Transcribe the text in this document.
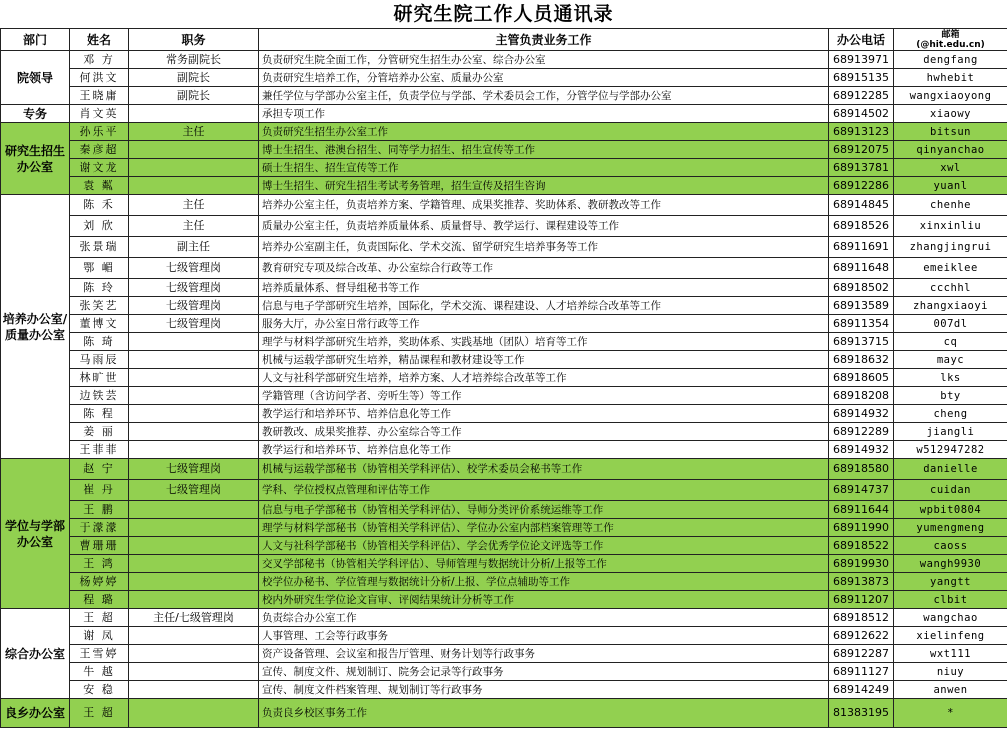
研究生院工作人员通讯录
部门	姓名	职务	主管负责业务工作	办公电话	邮箱
(@hit.edu.cn)

院领导	邓 方	常务副院长	负责研究生院全面工作，分管研究生招生办公室、综合办公室	68913971	dengfang
	何洪文	副院长	负责研究生培养工作，分管培养办公室、质量办公室	68915135	hwhebit
	王晓庸	副院长	兼任学位与学部办公室主任，负责学位与学部、学术委员会工作，分管学位与学部办公室	68912285	wangxiaoyong
专务	肖文英		承担专项工作	68914502	xiaowy
研究生招生办公室	孙乐平	主任	负责研究生招生办公室工作	68913123	bitsun
	秦彦超		博士生招生、港澳台招生、同等学力招生、招生宣传等工作	68912075	qinyanchao
	谢文龙		硕士生招生、招生宣传等工作	68913781	xwl
	袁 粼		博士生招生、研究生招生考试考务管理，招生宣传及招生咨询	68912286	yuanl
培养办公室/质量办公室	陈 禾	主任	培养办公室主任，负责培养方案、学籍管理、成果奖推荐、奖助体系、教研教改等工作	68914845	chenhe
	刘 欣	主任	质量办公室主任，负责培养质量体系、质量督导、教学运行、课程建设等工作	68918526	xinxinliu
	张景瑞	副主任	培养办公室副主任，负责国际化、学术交流、留学研究生培养事务等工作	68911691	zhangjingrui
	鄂 嵋	七级管理岗	教育研究专项及综合改革、办公室综合行政等工作	68911648	emeiklee
	陈 玲	七级管理岗	培养质量体系、督导组秘书等工作	68918502	ccchhl
	张笑艺	七级管理岗	信息与电子学部研究生培养，国际化，学术交流、课程建设、人才培养综合改革等工作	68913589	zhangxiaoyi
	董博文	七级管理岗	服务大厅，办公室日常行政等工作	68911354	007dl
	陈 琦		理学与材料学部研究生培养，奖助体系、实践基地（团队）培育等工作	68913715	cq
	马雨辰		机械与运载学部研究生培养，精品课程和教材建设等工作	68918632	mayc
	林旷世		人文与社科学部研究生培养，培养方案、人才培养综合改革等工作	68918605	lks
	边铁芸		学籍管理（含访问学者、旁听生等）等工作	68918208	bty
	陈 程		教学运行和培养环节、培养信息化等工作	68914932	cheng
	姜 丽		教研教改、成果奖推荐、办公室综合等工作	68912289	jiangli
	王菲菲		教学运行和培养环节、培养信息化等工作	68914932	w512947282
学位与学部办公室	赵 宁	七级管理岗	机械与运载学部秘书（协管相关学科评估）、校学术委员会秘书等工作	68918580	danielle
	崔 丹	七级管理岗	学科、学位授权点管理和评估等工作	68914737	cuidan
	王 鹏		信息与电子学部秘书（协管相关学科评估）、导师分类评价系统运维等工作	68911644	wpbit0804
	于濛濛		理学与材料学部秘书（协管相关学科评估）、学位办公室内部档案管理等工作	68911990	yumengmeng
	曹珊珊		人文与社科学部秘书（协管相关学科评估）、学会优秀学位论文评选等工作	68918522	caoss
	王 鸿		交叉学部秘书（协管相关学科评估）、导师管理与数据统计分析/上报等工作	68919930	wangh9930
	杨婷婷		校学位办秘书、学位管理与数据统计分析/上报、学位点辅助等工作	68913873	yangtt
	程 璐		校内外研究生学位论文盲审、评阅结果统计分析等工作	68911207	clbit
综合办公室	王 超	主任/七级管理岗	负责综合办公室工作	68918512	wangchao
	谢 凤		人事管理、工会等行政事务	68912622	xielinfeng
	王雪婷		资产设备管理、会议室和报告厅管理、财务计划等行政事务	68912287	wxt111
	牛 越		宣传、制度文件、规划制订、院务会记录等行政事务	68911127	niuy
	安 稳		宣传、制度文件档案管理、规划制订等行政事务	68914249	anwen
良乡办公室	王 超		负责良乡校区事务工作	81383195	*
